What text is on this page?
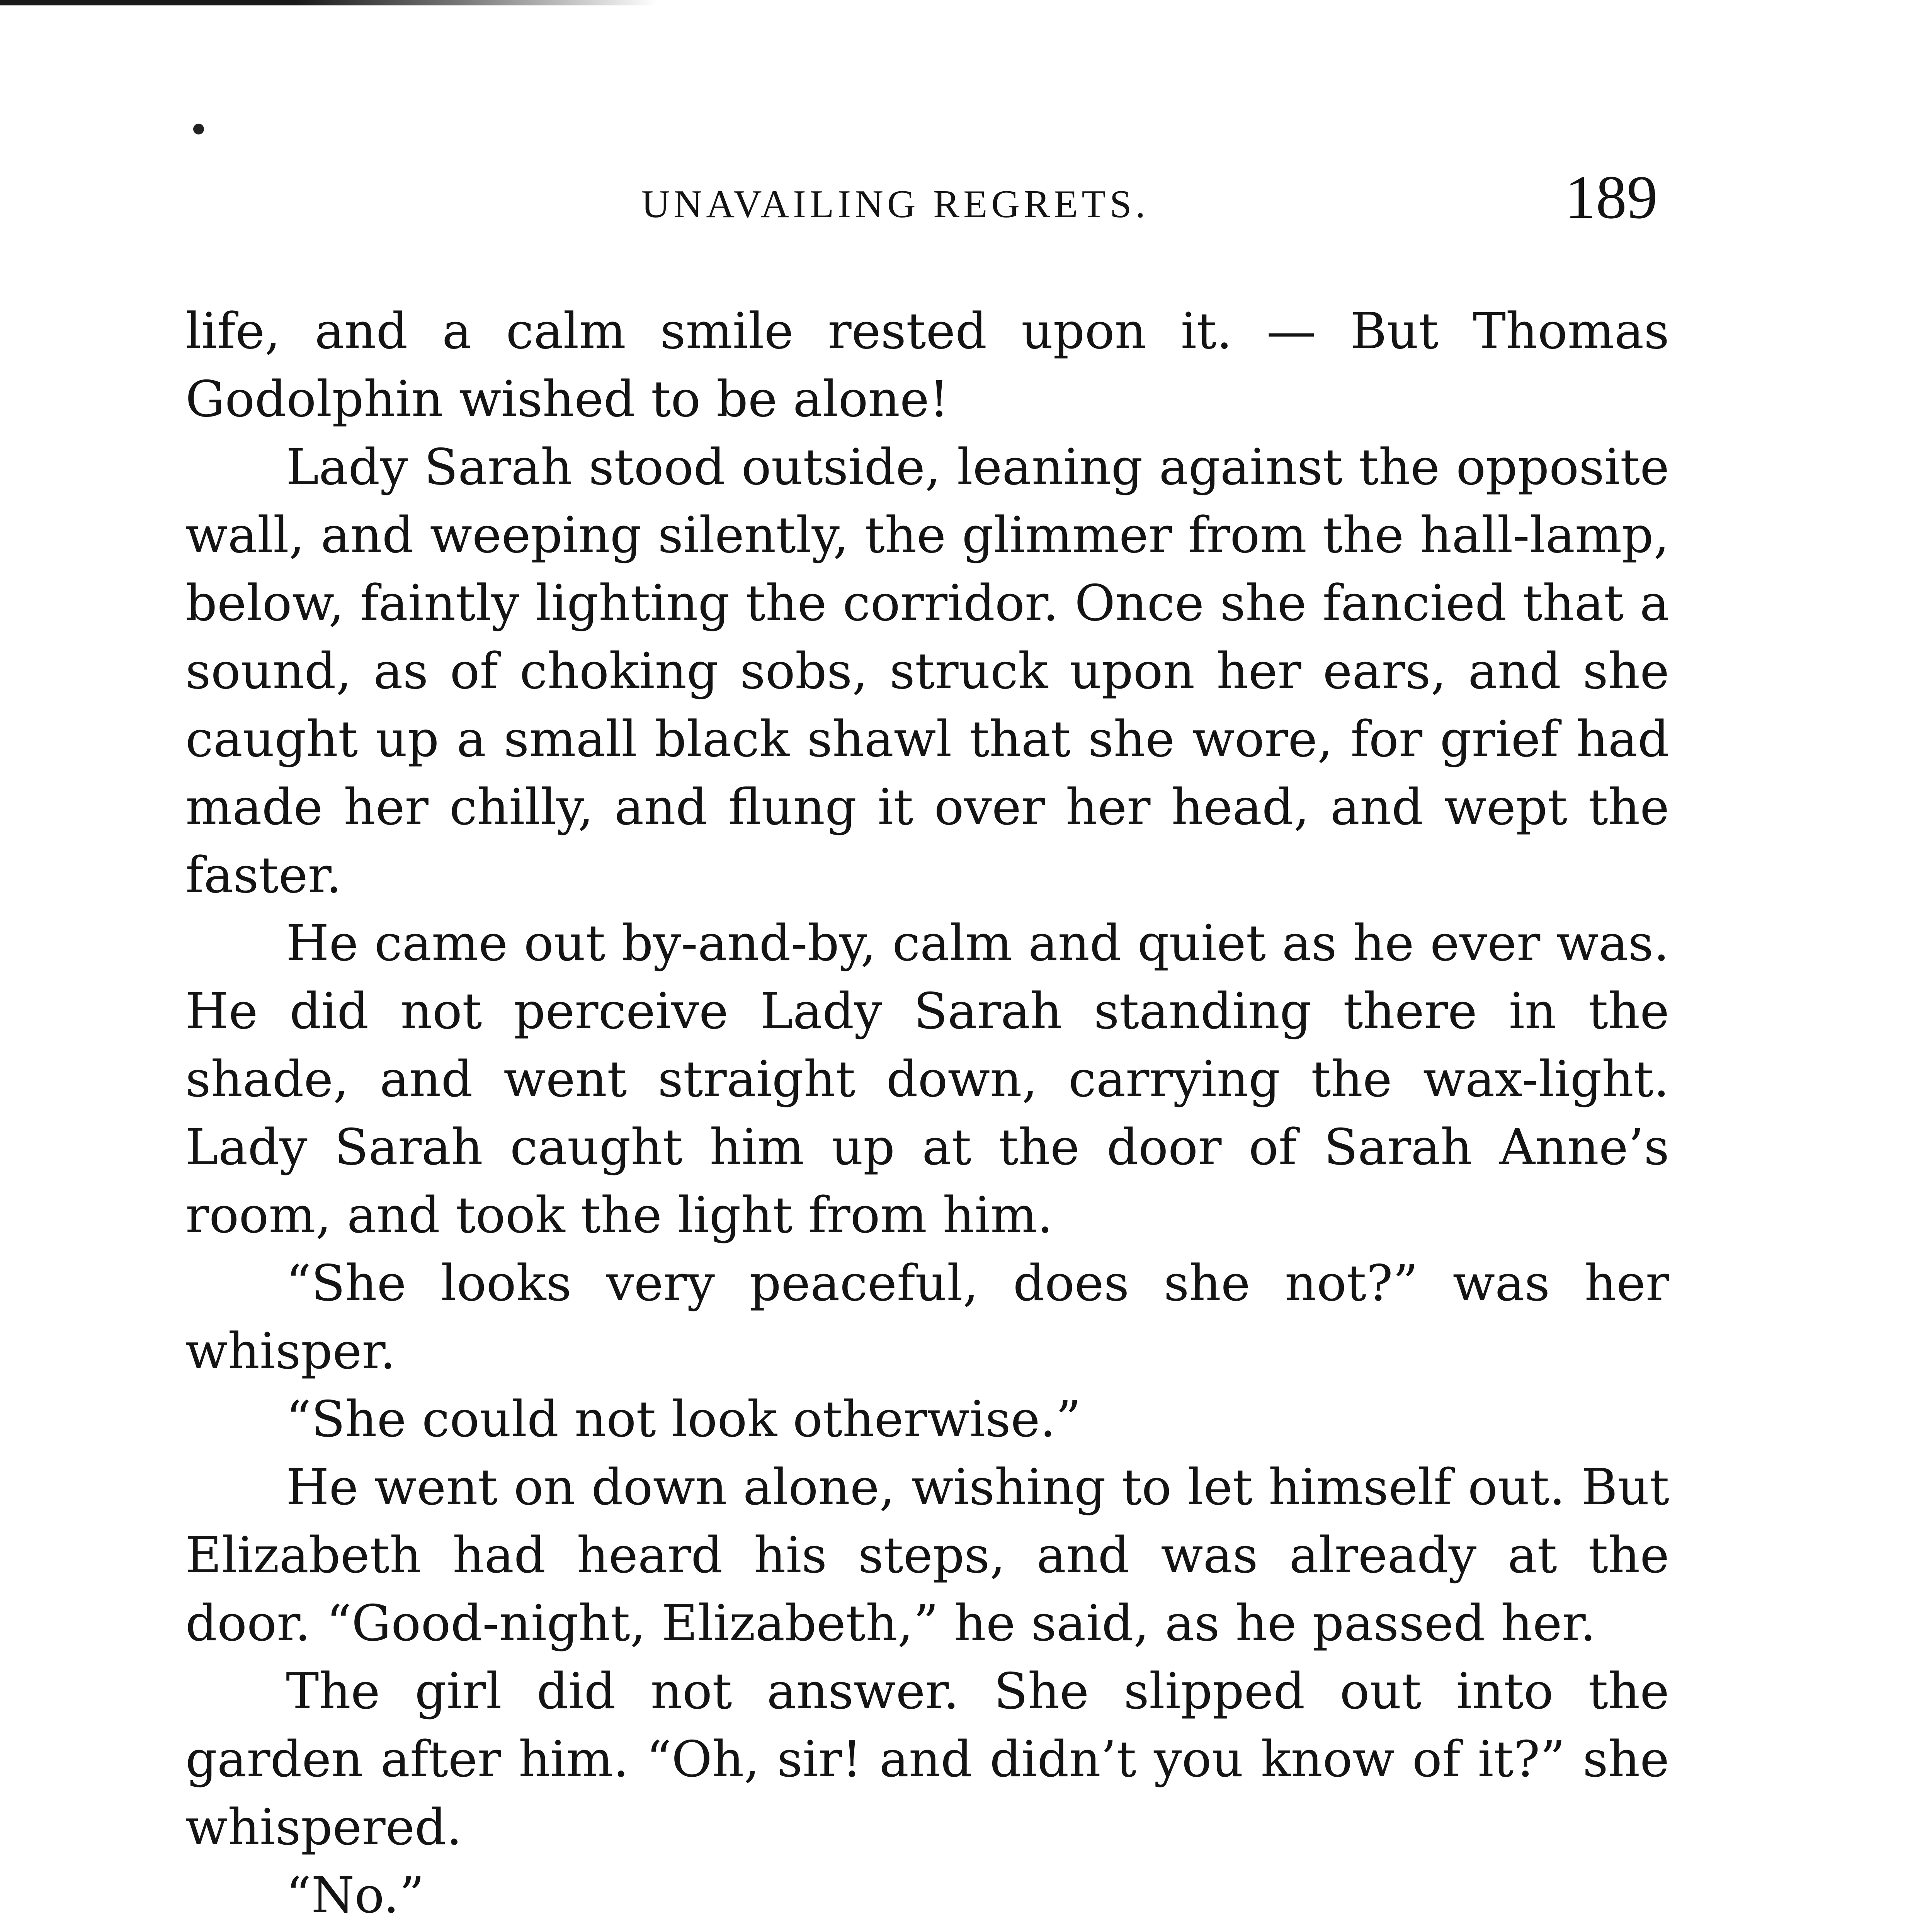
UNAVAILING REGRETS.	189

life, and a calm smile rested upon it. — But Thomas Godolphin wished to be alone!

Lady Sarah stood outside, leaning against the opposite wall, and weeping silently, the glimmer from the hall-lamp, below, faintly lighting the corridor. Once she fancied that a sound, as of choking sobs, struck upon her ears, and she caught up a small black shawl that she wore, for grief had made her chilly, and flung it over her head, and wept the faster.

He came out by-and-by, calm and quiet as he ever was. He did not perceive Lady Sarah standing there in the shade, and went straight down, carrying the wax-light. Lady Sarah caught him up at the door of Sarah Anne’s room, and took the light from him.

“She looks very peaceful, does she not?” was her whisper.

“She could not look otherwise.”

He went on down alone, wishing to let himself out. But Elizabeth had heard his steps, and was already at the door. “Good-night, Elizabeth,” he said, as he passed her.

The girl did not answer. She slipped out into the garden after him. “Oh, sir! and didn’t you know of it?” she whispered.

“No.”
